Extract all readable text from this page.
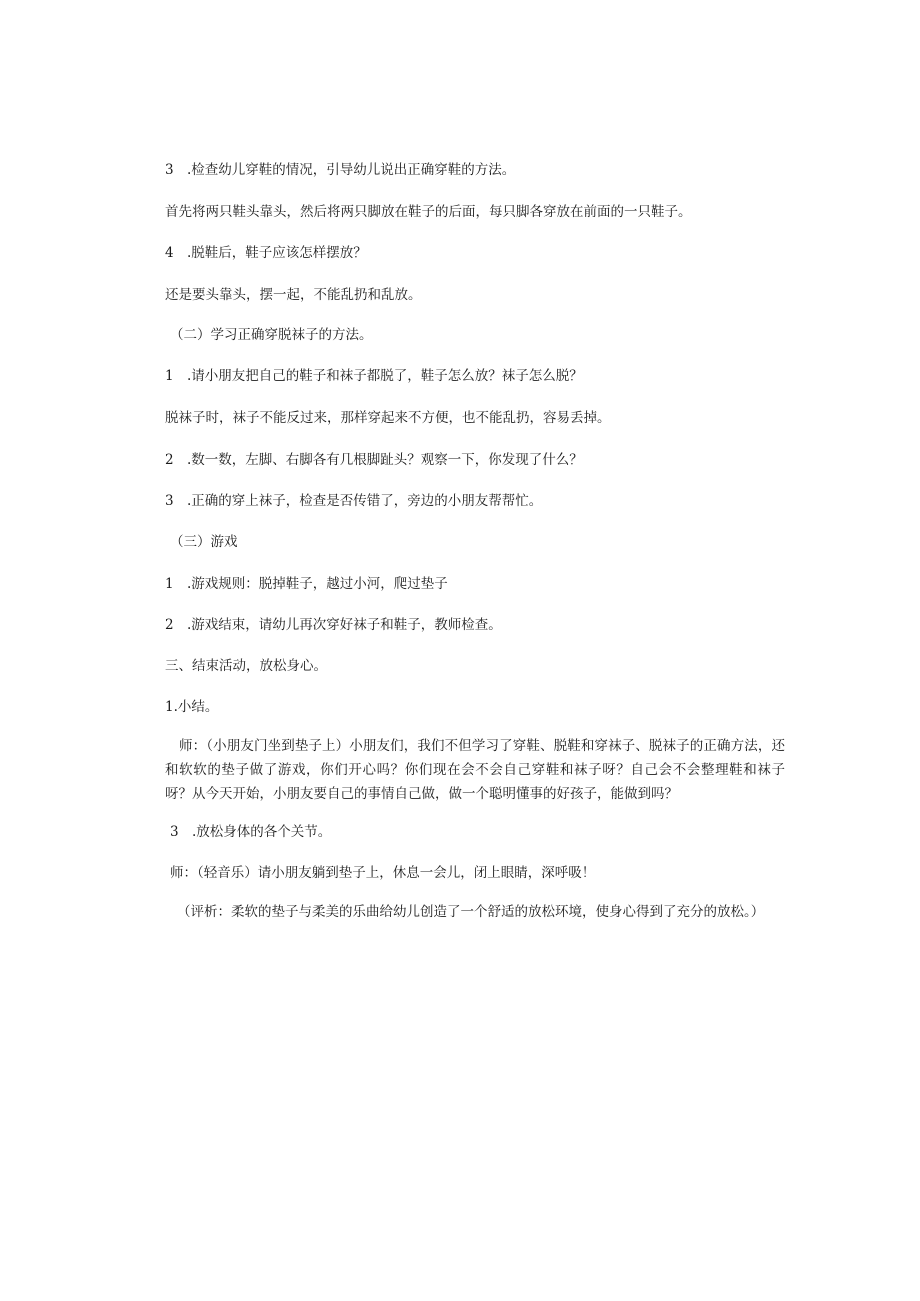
3 .检查幼儿穿鞋的情况，引导幼儿说出正确穿鞋的方法。

首先将两只鞋头靠头，然后将两只脚放在鞋子的后面，每只脚各穿放在前面的一只鞋子。

4 .脱鞋后，鞋子应该怎样摆放？

还是要头靠头，摆一起，不能乱扔和乱放。

（二）学习正确穿脱袜子的方法。

1 .请小朋友把自己的鞋子和袜子都脱了，鞋子怎么放？袜子怎么脱？

脱袜子时，袜子不能反过来，那样穿起来不方便，也不能乱扔，容易丢掉。

2 .数一数，左脚、右脚各有几根脚趾头？观察一下，你发现了什么？

3 .正确的穿上袜子，检查是否传错了，旁边的小朋友帮帮忙。

（三）游戏

1 .游戏规则：脱掉鞋子，越过小河，爬过垫子

2 .游戏结束，请幼儿再次穿好袜子和鞋子，教师检查。

三、结束活动，放松身心。

1.小结。

师：（小朋友门坐到垫子上）小朋友们，我们不但学习了穿鞋、脱鞋和穿袜子、脱袜子的正确方法，还和软软的垫子做了游戏，你们开心吗？你们现在会不会自己穿鞋和袜子呀？自己会不会整理鞋和袜子呀？从今天开始，小朋友要自己的事情自己做，做一个聪明懂事的好孩子，能做到吗？

3 .放松身体的各个关节。

师：（轻音乐）请小朋友躺到垫子上，休息一会儿，闭上眼睛，深呼吸！

（评析：柔软的垫子与柔美的乐曲给幼儿创造了一个舒适的放松环境，使身心得到了充分的放松。）
